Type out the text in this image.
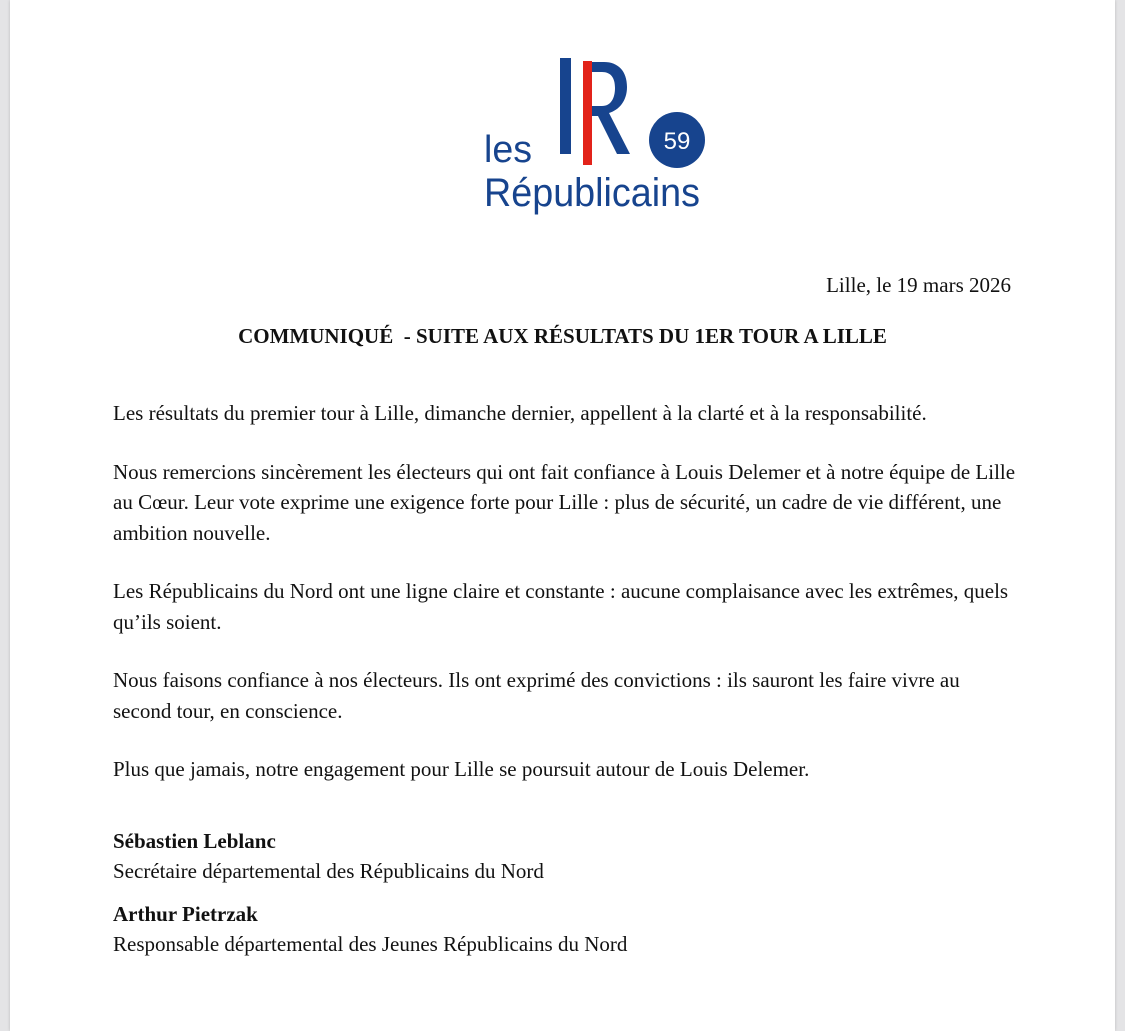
59
les
Républicains

Lille, le 19 mars 2026

COMMUNIQUÉ  - SUITE AUX RÉSULTATS DU 1ER TOUR A LILLE

Les résultats du premier tour à Lille, dimanche dernier, appellent à la clarté et à la responsabilité.

Nous remercions sincèrement les électeurs qui ont fait confiance à Louis Delemer et à notre équipe de Lille au Cœur. Leur vote exprime une exigence forte pour Lille : plus de sécurité, un cadre de vie différent, une ambition nouvelle.

Les Républicains du Nord ont une ligne claire et constante : aucune complaisance avec les extrêmes, quels qu’ils soient.

Nous faisons confiance à nos électeurs. Ils ont exprimé des convictions : ils sauront les faire vivre au second tour, en conscience.

Plus que jamais, notre engagement pour Lille se poursuit autour de Louis Delemer.

Sébastien Leblanc
Secrétaire départemental des Républicains du Nord
Arthur Pietrzak
Responsable départemental des Jeunes Républicains du Nord
